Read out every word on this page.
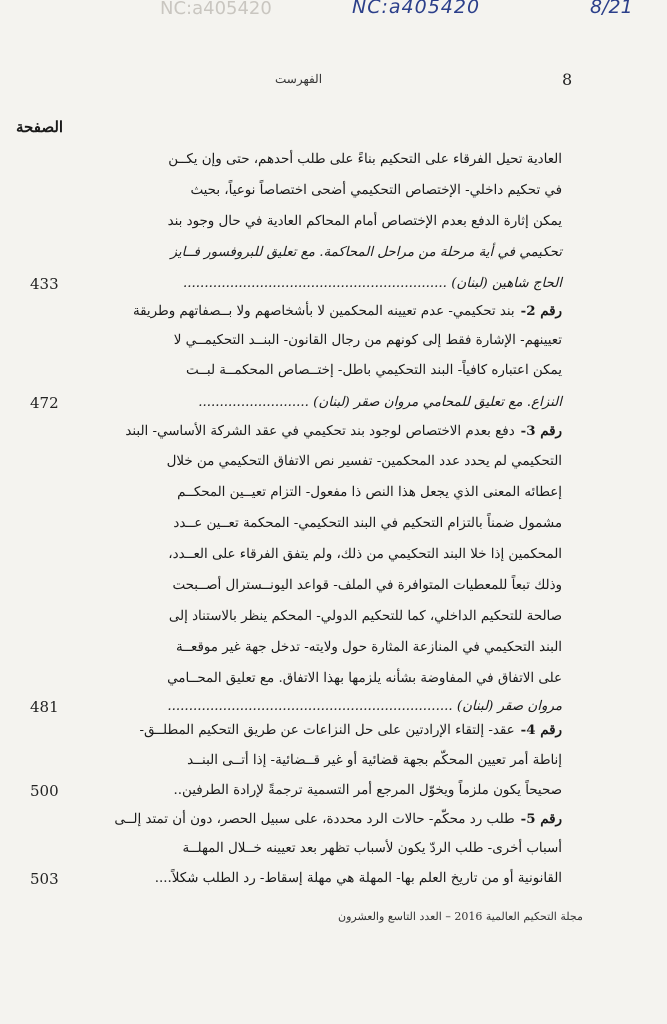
NC:a405420	NC:a405420	8/21
الفهرست	8
الصفحة
العادية تحيل الفرقاء على التحكيم بناءً على طلب أحدهم، حتى وإن يكــن
في تحكيم داخلي- الإختصاص التحكيمي أضحى اختصاصاً نوعياً، بحيث
يمكن إثارة الدفع بعدم الإختصاص أمام المحاكم العادية في حال وجود بند
تحكيمي في أية مرحلة من مراحل المحاكمة. مع تعليق للبروفسور فــايز
الحاج شاهين (لبنان) ..............................................................
433
رقم 2-بند تحكيمي- عدم تعيينه المحكمين لا بأشخاصهم ولا بــصفاتهم وطريقة
تعيينهم- الإشارة فقط إلى كونهم من رجال القانون- البنــد التحكيمــي لا
يمكن اعتباره كافياً- البند التحكيمي باطل- إختــصاص المحكمــة لبــت
النزاع. مع تعليق للمحامي مروان صقر (لبنان) ..........................
472
رقم 3-دفع بعدم الاختصاص لوجود بند تحكيمي في عقد الشركة الأساسي- البند
التحكيمي لم يحدد عدد المحكمين- تفسير نص الاتفاق التحكيمي من خلال
إعطائه المعنى الذي يجعل هذا النص ذا مفعول- التزام تعيــين المحكــم
مشمول ضمناً بالتزام التحكيم في البند التحكيمي- المحكمة تعــين عــدد
المحكمين إذا خلا البند التحكيمي من ذلك، ولم يتفق الفرقاء على العــدد،
وذلك تبعاً للمعطيات المتوافرة في الملف- قواعد اليونــسترال أصــبحت
صالحة للتحكيم الداخلي، كما للتحكيم الدولي- المحكم ينظر بالاستناد إلى
البند التحكيمي في المنازعة المثارة حول ولايته- تدخل جهة غير موقعــة
على الاتفاق في المفاوضة بشأنه يلزمها بهذا الاتفاق. مع تعليق المحــامي
مروان صقر (لبنان) ...................................................................
481
رقم 4-عقد- إلتقاء الإرادتين على حل النزاعات عن طريق التحكيم المطلــق-
إناطة أمر تعيين المحكّم بجهة قضائية أو غير قــضائية- إذا أتــى البنــد
صحيحاً يكون ملزماً ويخوّل المرجع أمر التسمية ترجمةً لإرادة الطرفين..
500
رقم 5-طلب رد محكّم- حالات الرد محددة، على سبيل الحصر، دون أن تمتد إلــى
أسباب أخرى- طلب الردّ يكون لأسباب تظهر بعد تعيينه خــلال المهلــة
القانونية أو من تاريخ العلم بها- المهلة هي مهلة إسقاط- رد الطلب شكلاً....
503
مجلة التحكيم العالمية 2016 – العدد التاسع والعشرون
